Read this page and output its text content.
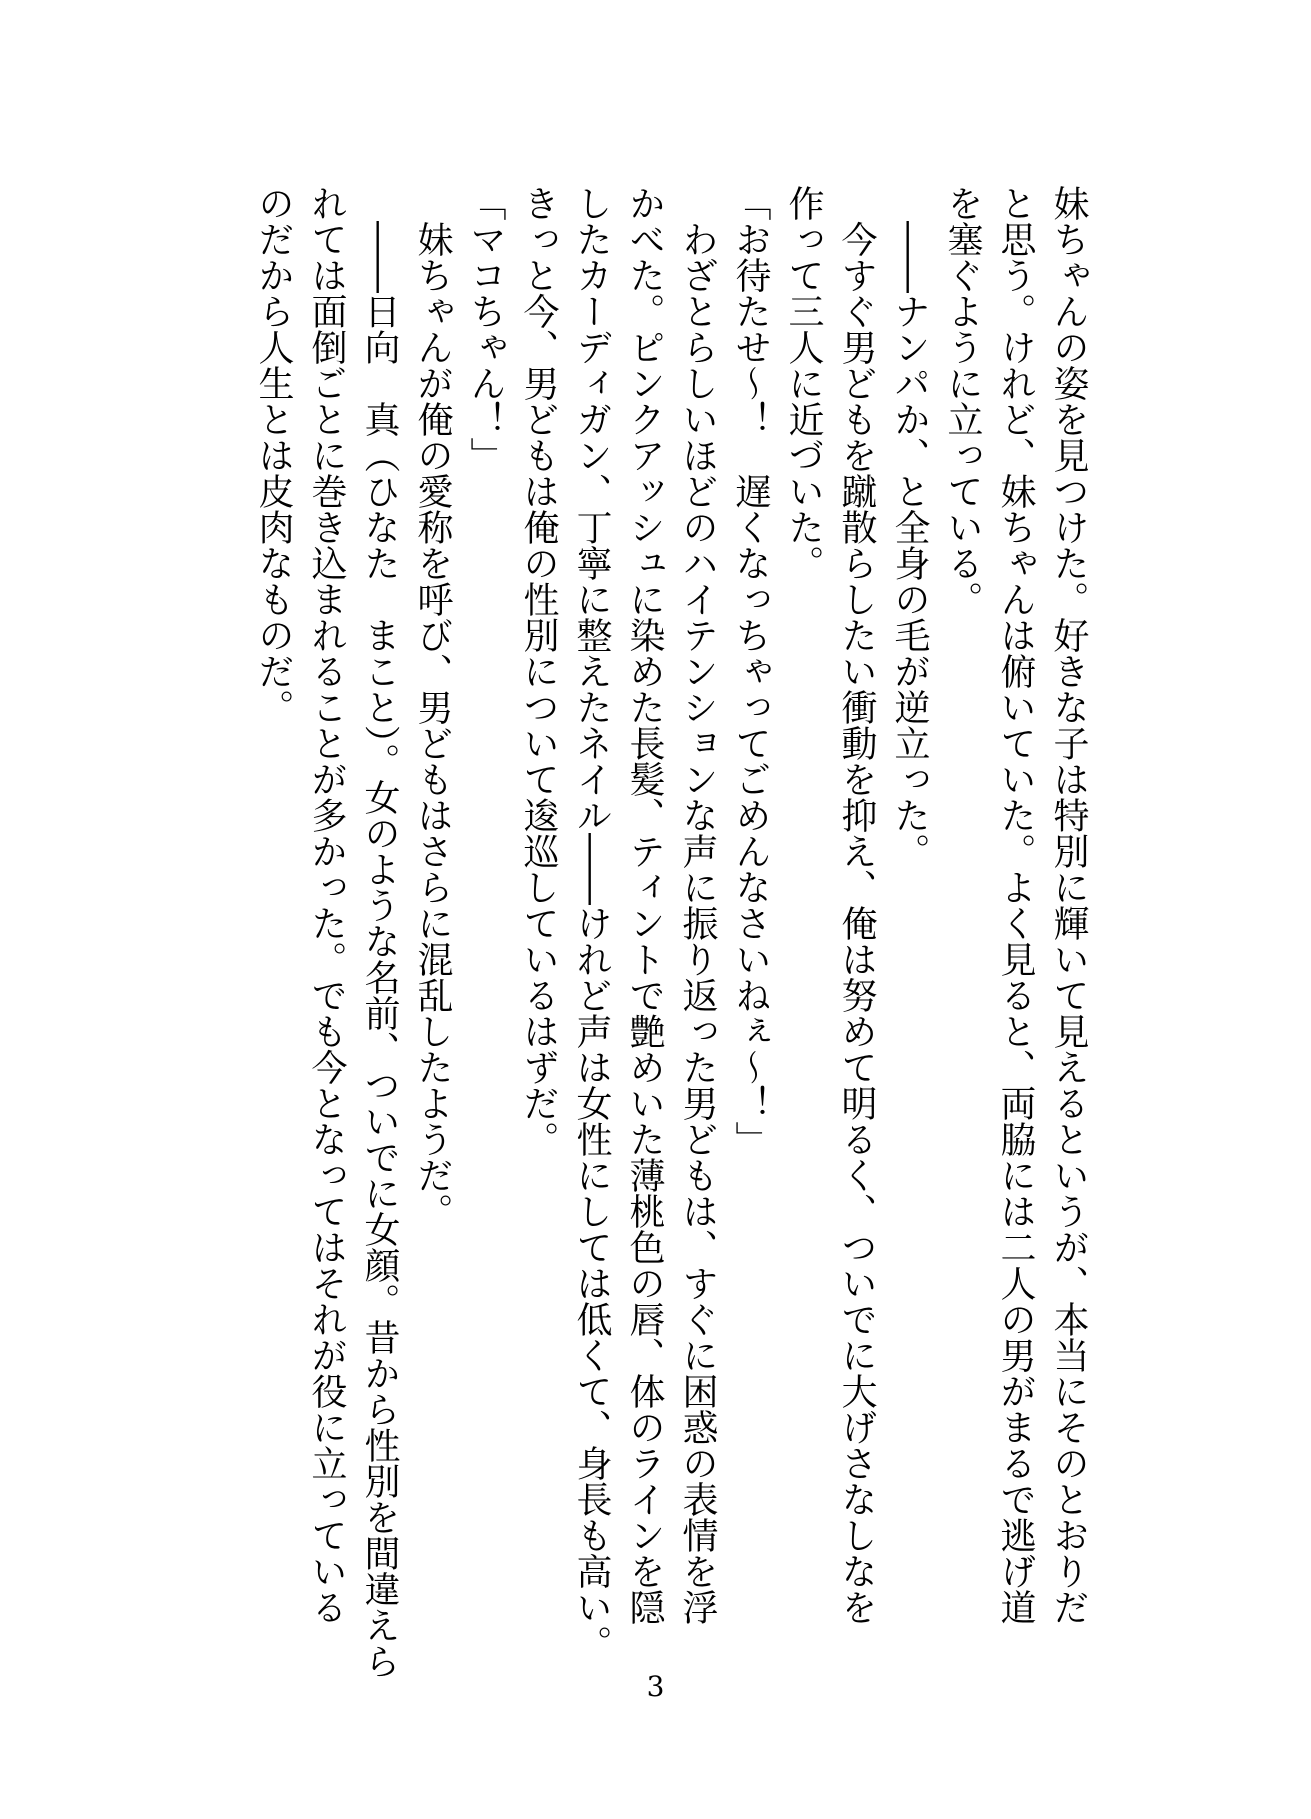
妹ちゃんの姿を見つけた。好きな子は特別に輝いて見えるというが、本当にそのとおりだ
と思う。けれど、妹ちゃんは俯いていた。よく見ると、両脇には二人の男がまるで逃げ道
を塞ぐように立っている。
　――ナンパか、と全身の毛が逆立った。
　今すぐ男どもを蹴散らしたい衝動を抑え、俺は努めて明るく、ついでに大げさなしなを
作って三人に近づいた。
「お待たせ～！　遅くなっちゃってごめんなさいねぇ～！」
　わざとらしいほどのハイテンションな声に振り返った男どもは、すぐに困惑の表情を浮
かべた。ピンクアッシュに染めた長髪、ティントで艶めいた薄桃色の唇、体のラインを隠
したカーディガン、丁寧に整えたネイル――けれど声は女性にしては低くて、身長も高い。
きっと今、男どもは俺の性別について逡巡しているはずだ。
「マコちゃん！」
　妹ちゃんが俺の愛称を呼び、男どもはさらに混乱したようだ。
　――日向　真（ひなた　まこと）。女のような名前、ついでに女顔。昔から性別を間違えら
れては面倒ごとに巻き込まれることが多かった。でも今となってはそれが役に立っている
のだから人生とは皮肉なものだ。
3
